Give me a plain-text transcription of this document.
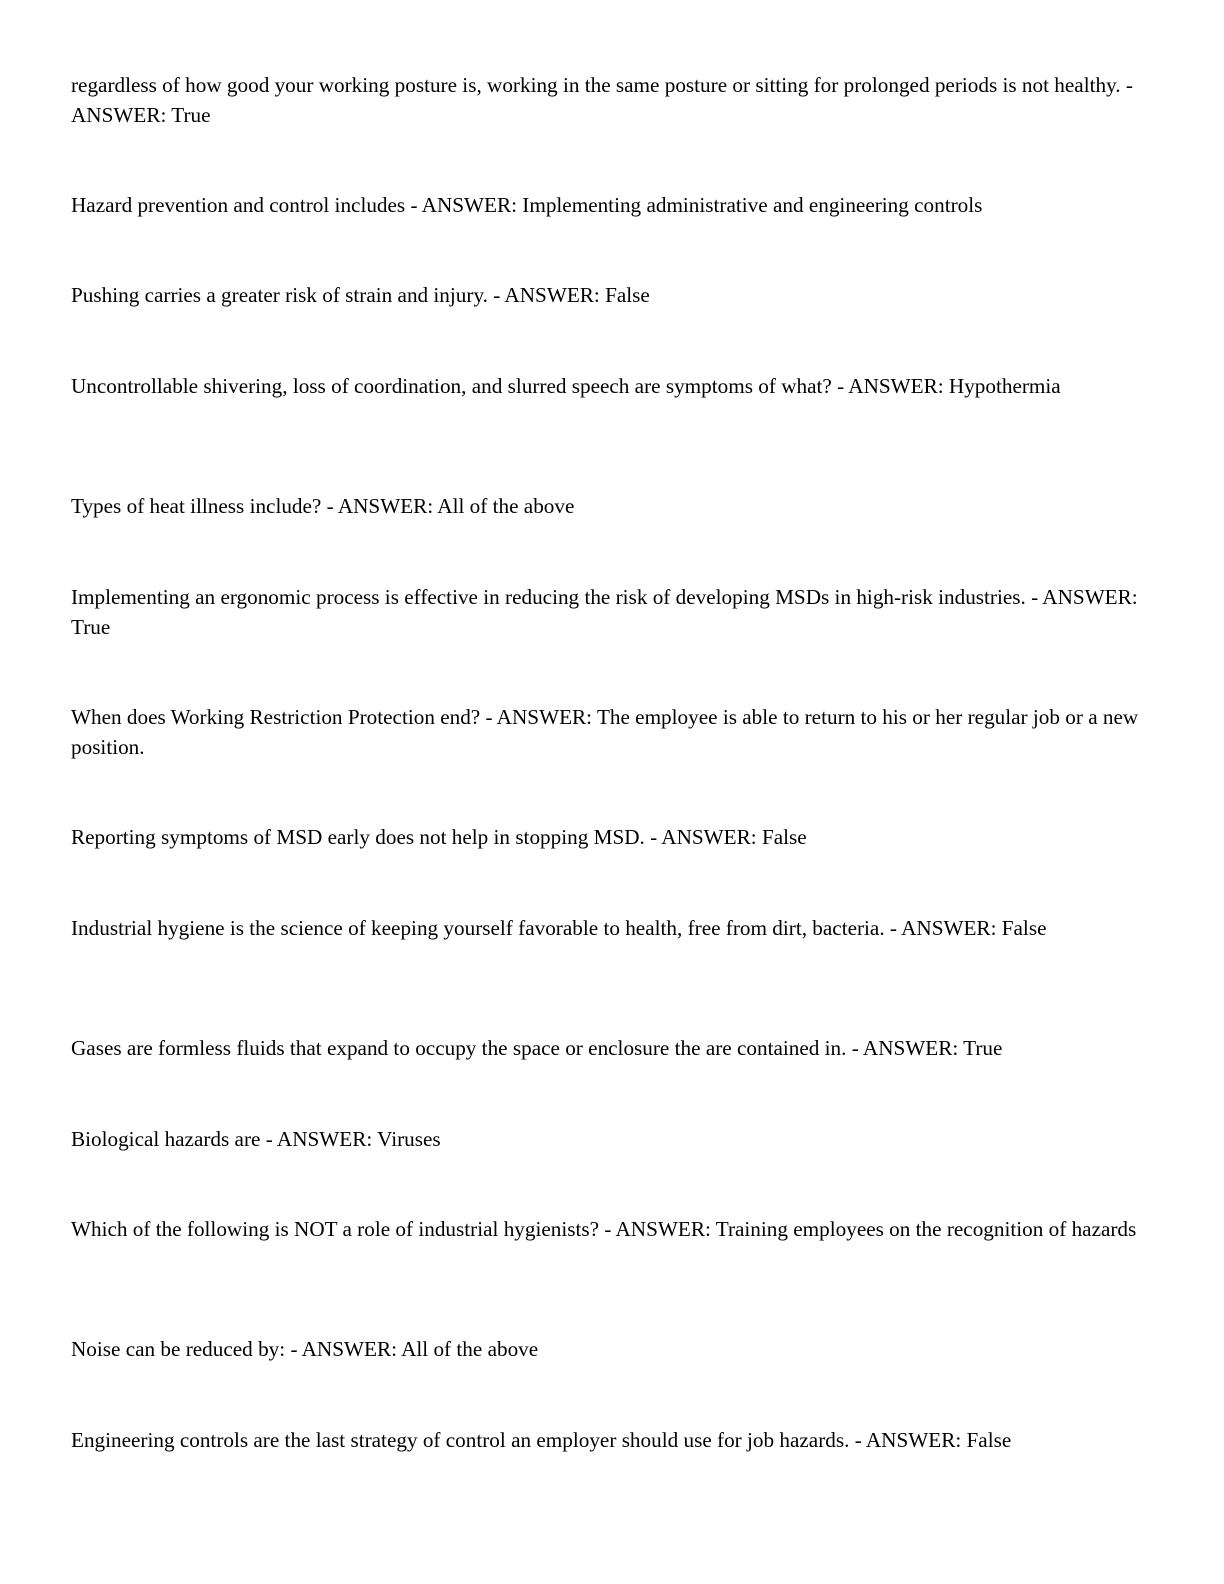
regardless of how good your working posture is, working in the same posture or sitting for prolonged periods is not healthy. - ANSWER: True

Hazard prevention and control includes - ANSWER: Implementing administrative and engineering controls

Pushing carries a greater risk of strain and injury. - ANSWER: False

Uncontrollable shivering, loss of coordination, and slurred speech are symptoms of what? - ANSWER: Hypothermia

Types of heat illness include? - ANSWER: All of the above

Implementing an ergonomic process is effective in reducing the risk of developing MSDs in high-risk industries. - ANSWER: True

When does Working Restriction Protection end? - ANSWER: The employee is able to return to his or her regular job or a new position.

Reporting symptoms of MSD early does not help in stopping MSD. - ANSWER: False

Industrial hygiene is the science of keeping yourself favorable to health, free from dirt, bacteria. - ANSWER: False

Gases are formless fluids that expand to occupy the space or enclosure the are contained in. - ANSWER: True

Biological hazards are - ANSWER: Viruses

Which of the following is NOT a role of industrial hygienists? - ANSWER: Training employees on the recognition of hazards

Noise can be reduced by: - ANSWER: All of the above

Engineering controls are the last strategy of control an employer should use for job hazards. - ANSWER: False
